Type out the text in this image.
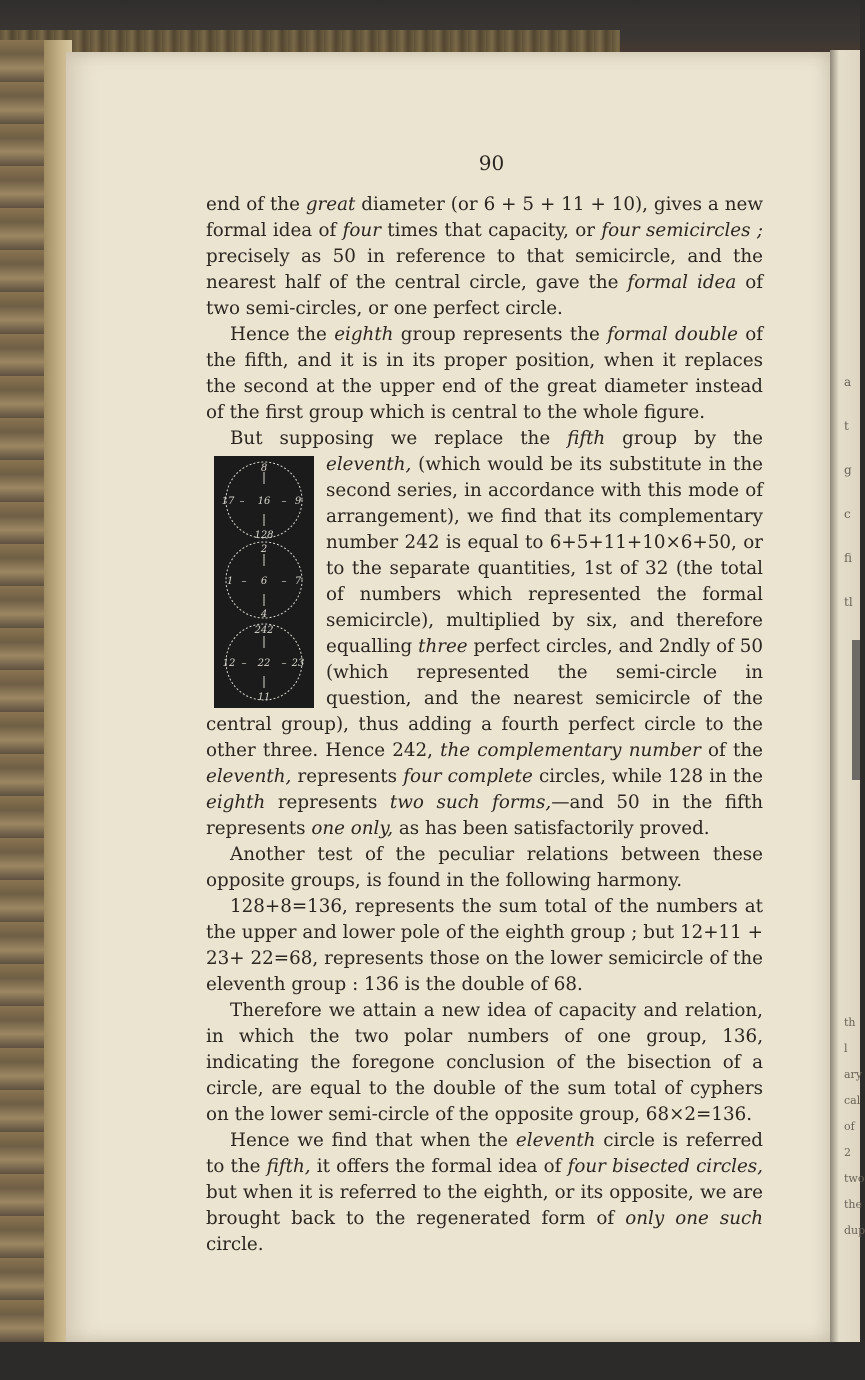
a
t
g
c
fi
tl
th
l
ary
cal
of
2
two
the
dup
90

end of the great diameter (or 6 + 5 + 11 + 10), gives a new formal idea of four times that capacity, or four semicircles ; precisely as 50 in reference to that semicircle, and the nearest half of the central circle, gave the formal idea of two semi-circles, or one perfect circle.

Hence the eighth group represents the formal double of the fifth, and it is in its proper position, when it replaces the second at the upper end of the great diameter instead of the first group which is central to the whole figure.

But supposing we replace the fifth group by the eleventh,
8
17 16 9
128
–	–
2
1	6	7
4
–	–
242
12 22 23
11
–	–
(which would be its substitute in the second series, in accordance with this mode of arrangement), we find that its complementary number 242 is equal to 6+5+11+10×6+50, or to the separate quantities, 1st of 32 (the total of numbers which represented the formal semicircle), multiplied by six, and therefore equalling three perfect circles, and 2ndly of 50 (which represented the semi-circle in question, and the nearest semicircle of the central group), thus adding a fourth perfect circle to the other three. Hence 242, the complementary number of the eleventh, represents four complete circles, while 128 in the eighth represents two such forms,—and 50 in the fifth represents one only, as has been satisfactorily proved.

Another test of the peculiar relations between these opposite groups, is found in the following harmony.

128+8=136, represents the sum total of the numbers at the upper and lower pole of the eighth group ; but 12+11 + 23+ 22=68, represents those on the lower semicircle of the eleventh group : 136 is the double of 68.

Therefore we attain a new idea of capacity and relation, in which the two polar numbers of one group, 136, indicating the foregone conclusion of the bisection of a circle, are equal to the double of the sum total of cyphers on the lower semi-circle of the opposite group, 68×2=136.

Hence we find that when the eleventh circle is referred to the fifth, it offers the formal idea of four bisected circles, but when it is referred to the eighth, or its opposite, we are brought back to the regenerated form of only one such circle.
